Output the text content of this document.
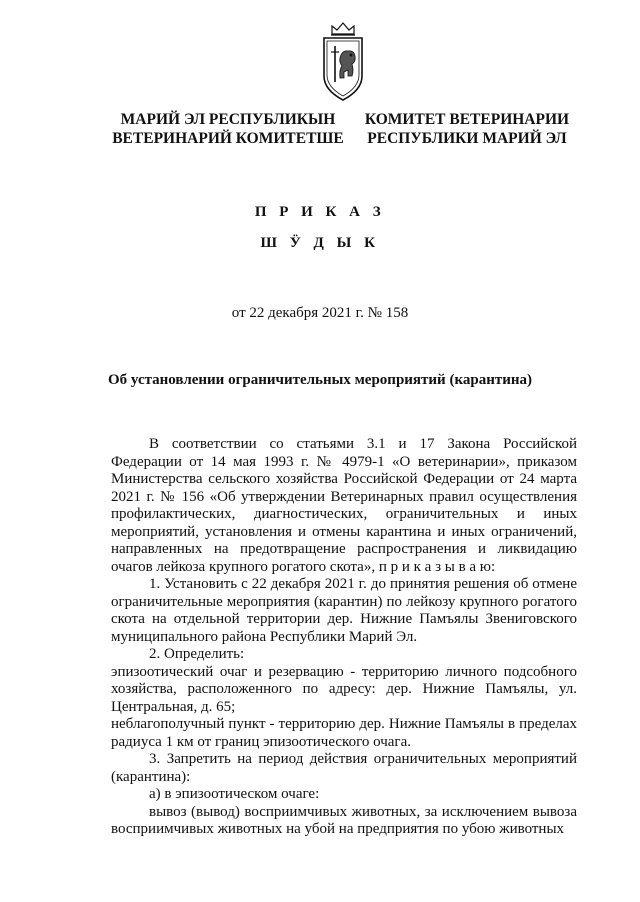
МАРИЙ ЭЛ РЕСПУБЛИКЫН
ВЕТЕРИНАРИЙ КОМИТЕТШЕ
КОМИТЕТ ВЕТЕРИНАРИИ
РЕСПУБЛИКИ МАРИЙ ЭЛ
П Р И К А З
Ш Ӱ Д Ы К
от 22 декабря 2021 г. № 158
Об установлении ограничительных мероприятий (карантина)

В соответствии со статьями 3.1 и 17 Закона Российской Федерации от 14 мая 1993 г. № 4979-1 «О ветеринарии», приказом Министерства сельского хозяйства Российской Федерации от 24 марта 2021 г. № 156 «Об утверждении Ветеринарных правил осуществления профилактических, диагностических, ограничительных и иных мероприятий, установления и отмены карантина и иных ограничений, направленных на предотвращение распространения и ликвидацию очагов лейкоза крупного рогатого скота», п р и к а з ы в а ю:

1. Установить с 22 декабря 2021 г. до принятия решения об отмене ограничительные мероприятия (карантин) по лейкозу крупного рогатого скота на отдельной территории дер. Нижние Памъялы Звениговского муниципального района Республики Марий Эл.

2. Определить:

эпизоотический очаг и резервацию - территорию личного подсобного хозяйства, расположенного по адресу: дер. Нижние Памъялы, ул. Центральная, д. 65;

неблагополучный пункт - территорию дер. Нижние Памъялы в пределах радиуса 1 км от границ эпизоотического очага.

3. Запретить на период действия ограничительных мероприятий (карантина):

а) в эпизоотическом очаге:

вывоз (вывод) восприимчивых животных, за исключением вывоза восприимчивых животных на убой на предприятия по убою животных
